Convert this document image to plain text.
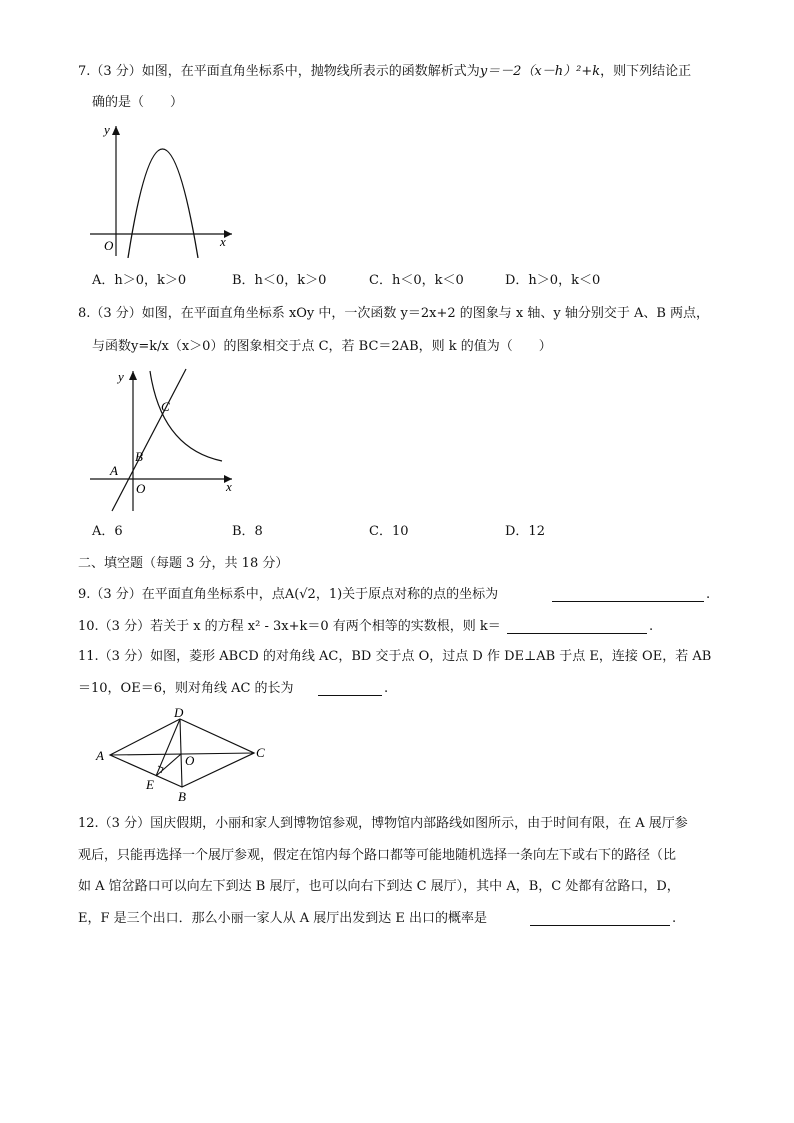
7.（3 分）如图，在平面直角坐标系中，抛物线所表示的函数解析式为y＝－2（x－h）²+k，则下列结论正
确的是（　　）
y
x
O
A．h＞0，k＞0	B．h＜0，k＞0	C．h＜0，k＜0	D．h＞0，k＜0
8.（3 分）如图，在平面直角坐标系 xOy 中，一次函数 y＝2x+2 的图象与 x 轴、y 轴分别交于 A、B 两点，
与函数y=k/x（x＞0）的图象相交于点 C，若 BC＝2AB，则 k 的值为（　　）
y
x
O
A
B
C
A．6	B．8	C．10	D．12
二、填空题（每题 3 分，共 18 分）
9.（3 分）在平面直角坐标系中，点A(√2，1)关于原点对称的点的坐标为	.
10.（3 分）若关于 x 的方程 x² - 3x+k＝0 有两个相等的实数根，则 k＝	.
11.（3 分）如图，菱形 ABCD 的对角线 AC，BD 交于点 O，过点 D 作 DE⊥AB 于点 E，连接 OE，若 AB
＝10，OE＝6，则对角线 AC 的长为	.
A
D
C
O
E
B
12.（3 分）国庆假期，小丽和家人到博物馆参观，博物馆内部路线如图所示，由于时间有限，在 A 展厅参
观后，只能再选择一个展厅参观，假定在馆内每个路口都等可能地随机选择一条向左下或右下的路径（比
如 A 馆岔路口可以向左下到达 B 展厅，也可以向右下到达 C 展厅），其中 A，B，C 处都有岔路口，D，
E，F 是三个出口．那么小丽一家人从 A 展厅出发到达 E 出口的概率是	.
